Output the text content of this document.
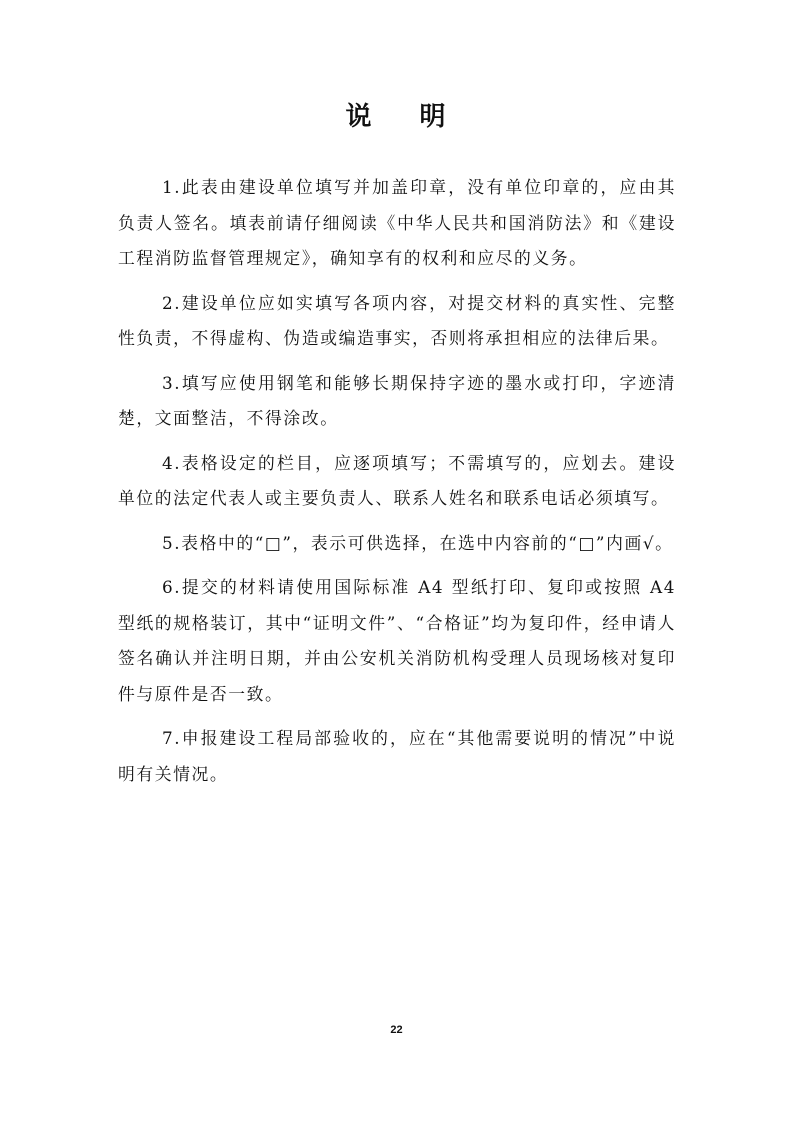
说 明

1.此表由建设单位填写并加盖印章，没有单位印章的，应由其负责人签名。填表前请仔细阅读《中华人民共和国消防法》和《建设工程消防监督管理规定》，确知享有的权利和应尽的义务。

2.建设单位应如实填写各项内容，对提交材料的真实性、完整性负责，不得虚构、伪造或编造事实，否则将承担相应的法律后果。

3.填写应使用钢笔和能够长期保持字迹的墨水或打印，字迹清楚，文面整洁，不得涂改。

4.表格设定的栏目，应逐项填写；不需填写的，应划去。建设单位的法定代表人或主要负责人、联系人姓名和联系电话必须填写。

5.表格中的“□”，表示可供选择，在选中内容前的“□”内画√。

6.提交的材料请使用国际标准 A4 型纸打印、复印或按照 A4 型纸的规格装订，其中“证明文件”、“合格证”均为复印件，经申请人签名确认并注明日期，并由公安机关消防机构受理人员现场核对复印件与原件是否一致。

7.申报建设工程局部验收的，应在“其他需要说明的情况”中说明有关情况。

22
